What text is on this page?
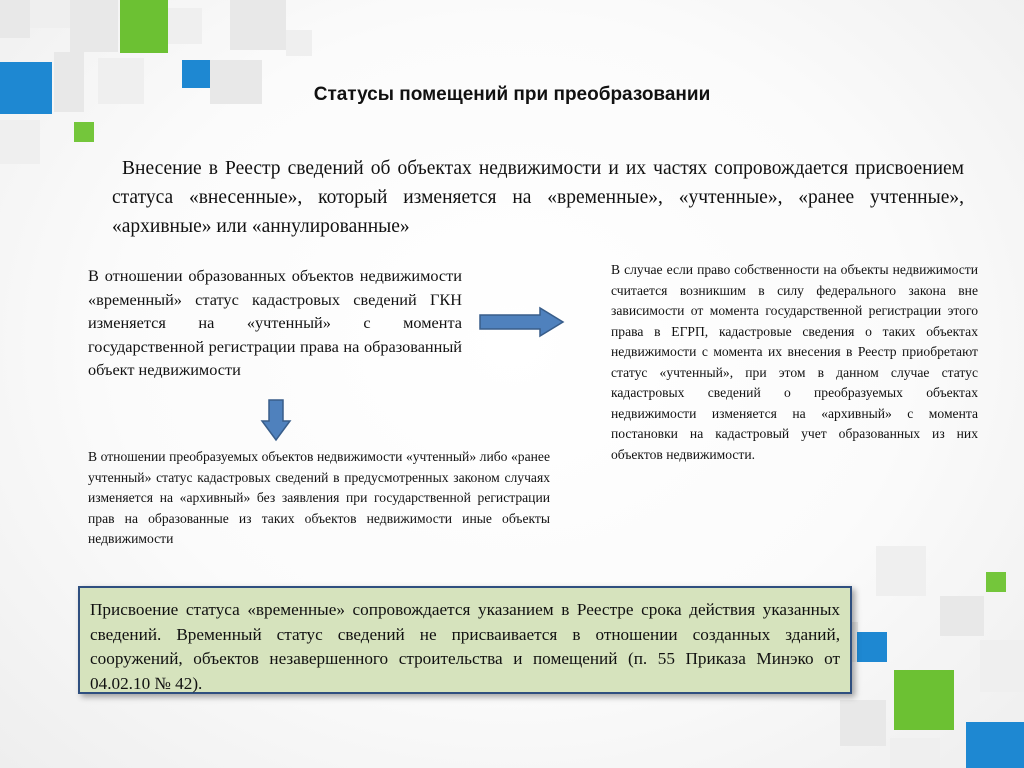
Статусы помещений при преобразовании
Внесение в Реестр сведений об объектах недвижимости и их частях сопровождается присвоением статуса «внесенные», который изменяется на «временные», «учтенные», «ранее учтенные», «архивные» или «аннулированные»
В отношении образованных объектов недвижимости «временный» статус кадастровых сведений ГКН изменяется на «учтенный» с момента государственной регистрации права на образованный объект недвижимости
В отношении преобразуемых объектов недвижимости «учтенный» либо «ранее учтенный» статус кадастровых сведений в предусмотренных законом случаях изменяется на «архивный» без заявления при государственной регистрации прав на образованные из таких объектов недвижимости иные объекты недвижимости
В случае если право собственности на объекты недвижимости считается возникшим в силу федерального закона вне зависимости от момента государственной регистрации этого права в ЕГРП, кадастровые сведения о таких объектах недвижимости с момента их внесения в Реестр приобретают статус «учтенный», при этом в данном случае статус кадастровых сведений о преобразуемых объектах недвижимости изменяется на «архивный» с момента постановки на кадастровый учет образованных из них объектов недвижимости.
Присвоение статуса «временные» сопровождается указанием в Реестре срока действия указанных сведений. Временный статус сведений не присваивается в отношении созданных зданий, сооружений, объектов незавершенного строительства и помещений (п. 55 Приказа Минэко от 04.02.10 № 42).
